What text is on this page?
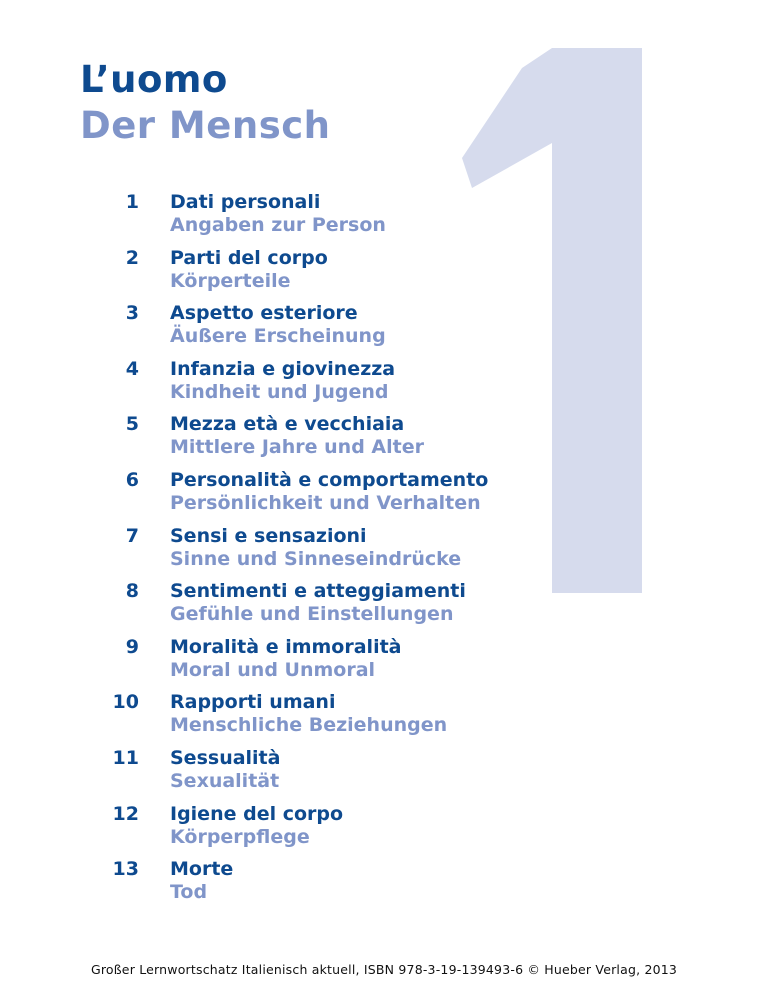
L’uomo
Der Mensch
1 Dati personali
Angaben zur Person
2 Parti del corpo
Körperteile
3 Aspetto esteriore
Äußere Erscheinung
4 Infanzia e giovinezza
Kindheit und Jugend
5 Mezza età e vecchiaia
Mittlere Jahre und Alter
6 Personalità e comportamento
Persönlichkeit und Verhalten
7 Sensi e sensazioni
Sinne und Sinneseindrücke
8 Sentimenti e atteggiamenti
Gefühle und Einstellungen
9 Moralità e immoralità
Moral und Unmoral
10 Rapporti umani
Menschliche Beziehungen
11 Sessualità
Sexualität
12 Igiene del corpo
Körperpflege
13 Morte
Tod
Großer Lernwortschatz Italienisch aktuell, ISBN 978-3-19-139493-6 © Hueber Verlag, 2013
